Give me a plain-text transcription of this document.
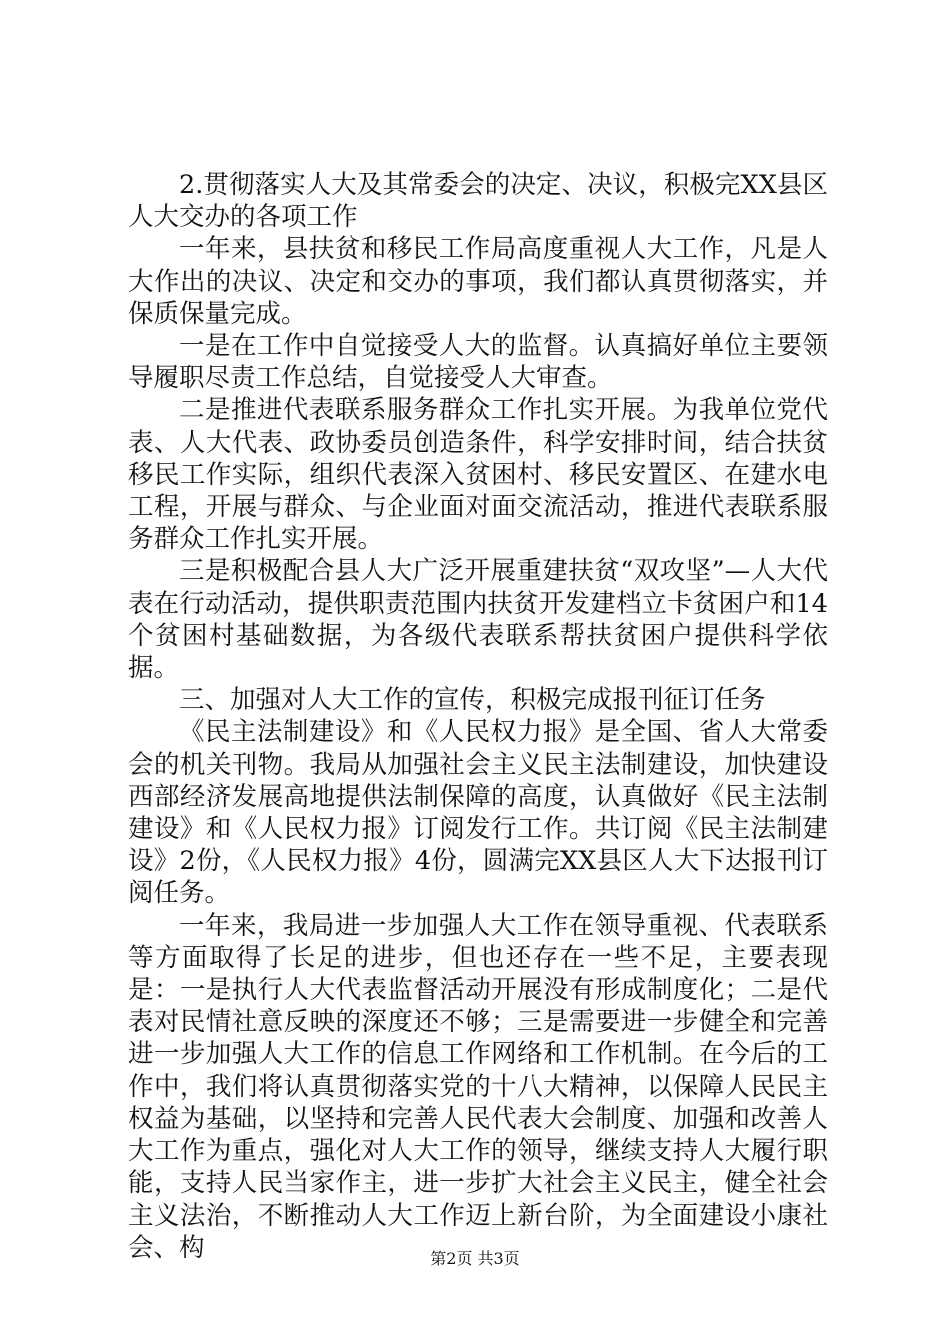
2.贯彻落实人大及其常委会的决定、决议，积极完XX县区人大交办的各项工作

一年来，县扶贫和移民工作局高度重视人大工作，凡是人大作出的决议、决定和交办的事项，我们都认真贯彻落实，并保质保量完成。

一是在工作中自觉接受人大的监督。认真搞好单位主要领导履职尽责工作总结，自觉接受人大审查。

二是推进代表联系服务群众工作扎实开展。为我单位党代表、人大代表、政协委员创造条件，科学安排时间，结合扶贫移民工作实际，组织代表深入贫困村、移民安置区、在建水电工程，开展与群众、与企业面对面交流活动，推进代表联系服务群众工作扎实开展。

三是积极配合县人大广泛开展重建扶贫“双攻坚”—人大代表在行动活动，提供职责范围内扶贫开发建档立卡贫困户和14个贫困村基础数据，为各级代表联系帮扶贫困户提供科学依据。

三、加强对人大工作的宣传，积极完成报刊征订任务

《民主法制建设》和《人民权力报》是全国、省人大常委会的机关刊物。我局从加强社会主义民主法制建设，加快建设西部经济发展高地提供法制保障的高度，认真做好《民主法制建设》和《人民权力报》订阅发行工作。共订阅《民主法制建设》2份，《人民权力报》4份，圆满完XX县区人大下达报刊订阅任务。

一年来，我局进一步加强人大工作在领导重视、代表联系等方面取得了长足的进步，但也还存在一些不足，主要表现是：一是执行人大代表监督活动开展没有形成制度化；二是代表对民情社意反映的深度还不够；三是需要进一步健全和完善进一步加强人大工作的信息工作网络和工作机制。在今后的工作中，我们将认真贯彻落实党的十八大精神，以保障人民民主权益为基础，以坚持和完善人民代表大会制度、加强和改善人大工作为重点，强化对人大工作的领导，继续支持人大履行职能，支持人民当家作主，进一步扩大社会主义民主，健全社会主义法治，不断推动人大工作迈上新台阶，为全面建设小康社会、构	第2页 共3页
